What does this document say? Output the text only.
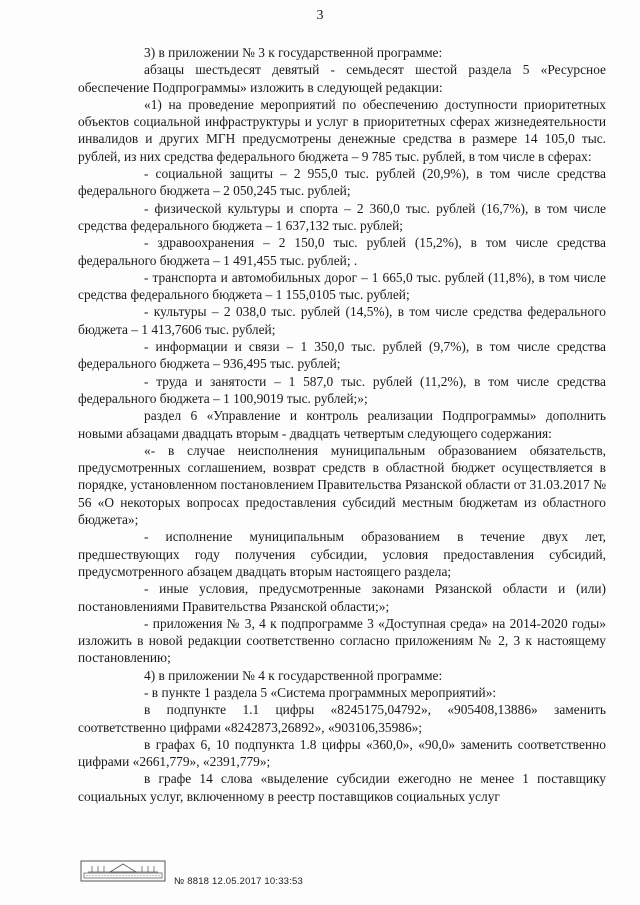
3

3) в приложении № 3 к государственной программе:

абзацы шестьдесят девятый - семьдесят шестой раздела 5 «Ресурсное обеспечение Подпрограммы» изложить в следующей редакции:

«1) на проведение мероприятий по обеспечению доступности приоритетных объектов социальной инфраструктуры и услуг в приоритетных сферах жизнедеятельности инвалидов и других МГН предусмотрены денежные средства в размере 14 105,0 тыс. рублей, из них средства федерального бюджета – 9 785 тыс. рублей, в том числе в сферах:

- социальной защиты – 2 955,0 тыс. рублей (20,9%), в том числе средства федерального бюджета – 2 050,245 тыс. рублей;

- физической культуры и спорта – 2 360,0 тыс. рублей (16,7%), в том числе средства федерального бюджета – 1 637,132 тыс. рублей;

- здравоохранения – 2 150,0 тыс. рублей (15,2%), в том числе средства федерального бюджета – 1 491,455 тыс. рублей; .

- транспорта и автомобильных дорог – 1 665,0 тыс. рублей (11,8%), в том числе средства федерального бюджета – 1 155,0105 тыс. рублей;

- культуры – 2 038,0 тыс. рублей (14,5%), в том числе средства федерального бюджета – 1 413,7606 тыс. рублей;

- информации и связи – 1 350,0 тыс. рублей (9,7%), в том числе средства федерального бюджета – 936,495 тыс. рублей;

- труда и занятости – 1 587,0 тыс. рублей (11,2%), в том числе средства федерального бюджета – 1 100,9019 тыс. рублей;»;

раздел 6 «Управление и контроль реализации Подпрограммы» дополнить новыми абзацами двадцать вторым - двадцать четвертым следующего содержания:

«- в случае неисполнения муниципальным образованием обязательств, предусмотренных соглашением, возврат средств в областной бюджет осуществляется в порядке, установленном постановлением Правительства Рязанской области от 31.03.2017 № 56 «О некоторых вопросах предоставления субсидий местным бюджетам из областного бюджета»;

- исполнение муниципальным образованием в течение двух лет, предшествующих году получения субсидии, условия предоставления субсидий, предусмотренного абзацем двадцать вторым настоящего раздела;

- иные условия, предусмотренные законами Рязанской области и (или) постановлениями Правительства Рязанской области;»;

- приложения № 3, 4 к подпрограмме 3 «Доступная среда» на 2014-2020 годы» изложить в новой редакции соответственно согласно приложениям № 2, 3 к настоящему постановлению;

4) в приложении № 4 к государственной программе:

- в пункте 1 раздела 5 «Система программных мероприятий»:

в подпункте 1.1 цифры «8245175,04792», «905408,13886» заменить соответственно цифрами «8242873,26892», «903106,35986»;

в графах 6, 10 подпункта 1.8 цифры «360,0», «90,0» заменить соответственно цифрами «2661,779», «2391,779»;

в графе 14 слова «выделение субсидии ежегодно не менее 1 поставщику социальных услуг, включенному в реестр поставщиков социальных услуг

№ 8818 12.05.2017 10:33:53
